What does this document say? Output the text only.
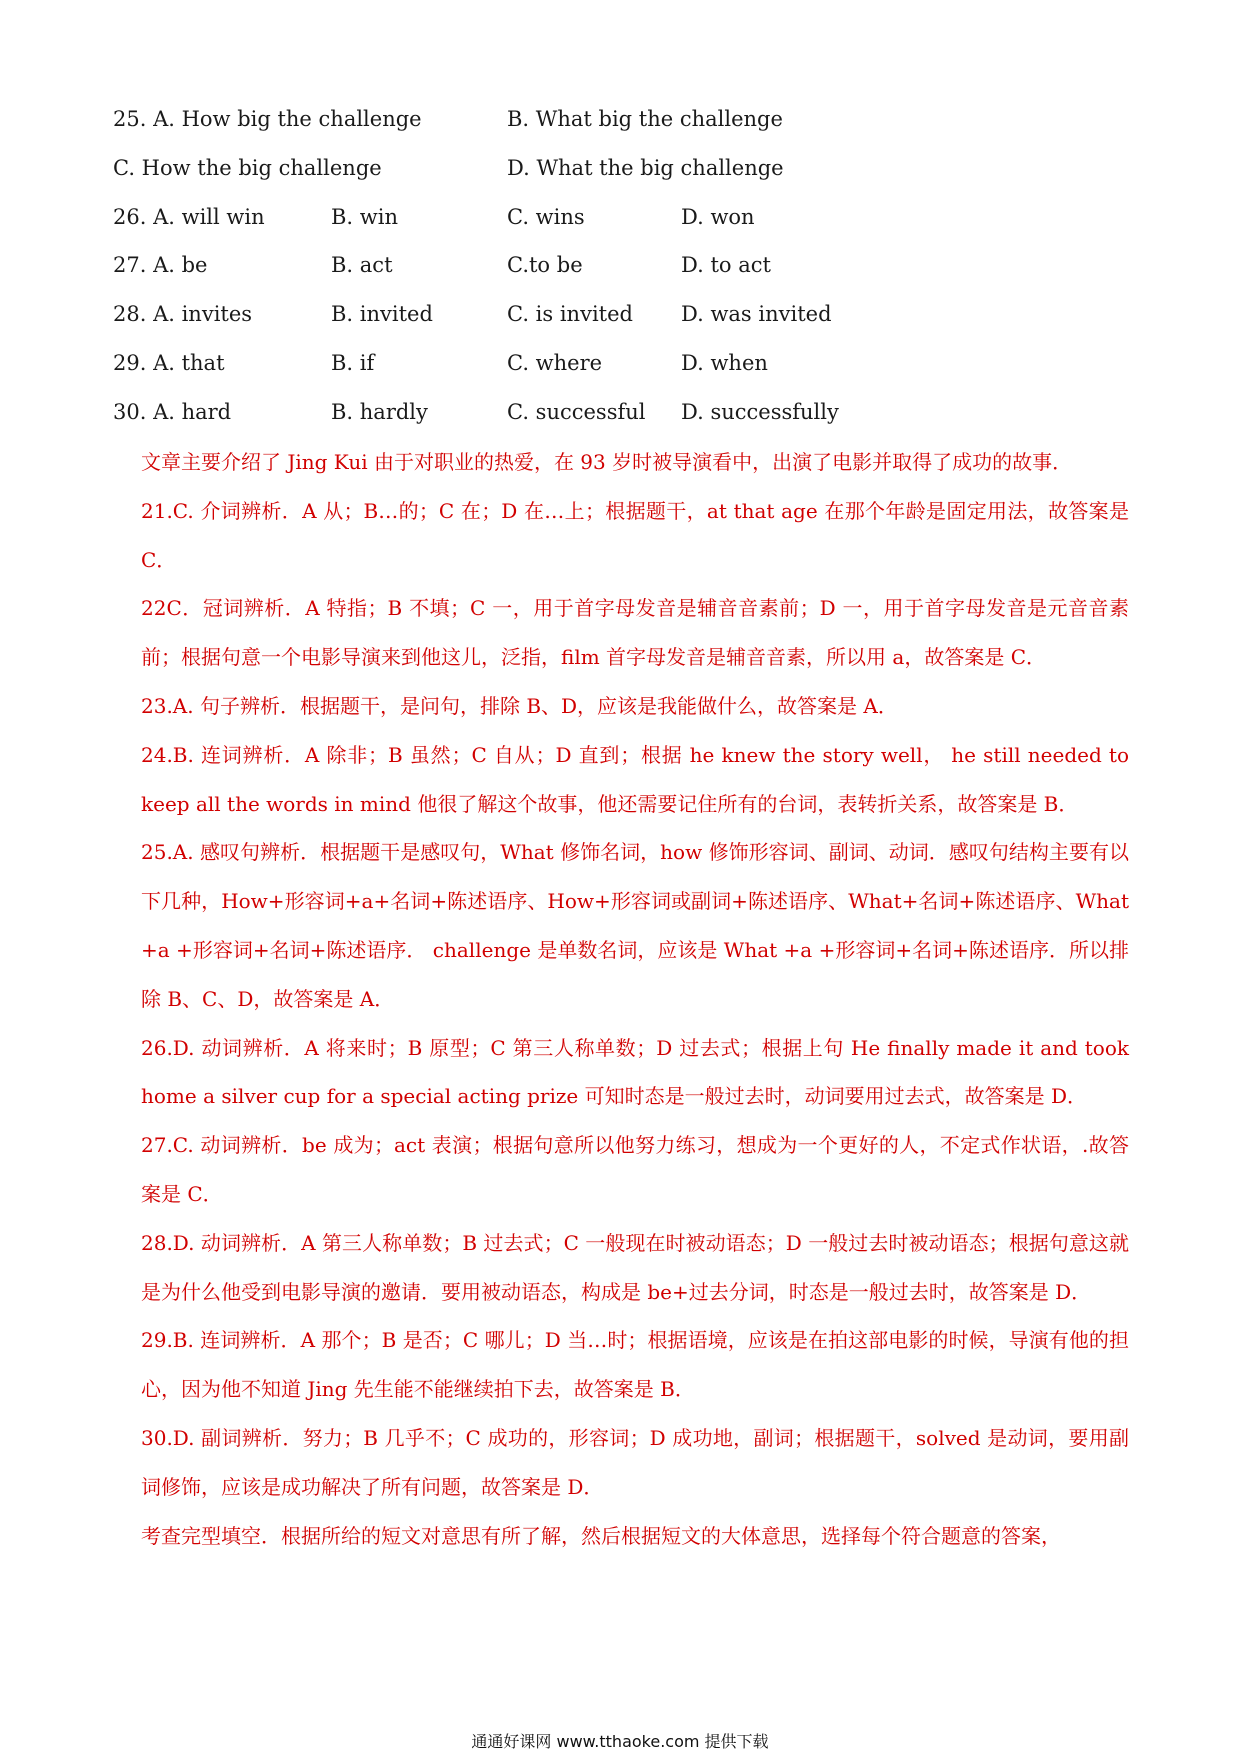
25. A. How big the challenge	B. What big the challenge
C. How the big challenge	D. What the big challenge
26. A. will win	B. win	C. wins	D. won
27. A. be	B. act	C.to be	D. to act
28. A. invites	B. invited	C. is invited D. was invited
29. A. that	B. if	C. where	D. when
30. A. hard	B. hardly	C. successful D. successfully

文章主要介绍了 Jing Kui 由于对职业的热爱，在 93 岁时被导演看中，出演了电影并取得了成功的故事．

21.C. 介词辨析．A 从；B…的；C 在；D 在…上；根据题干，at that age 在那个年龄是固定用法，故答案是 C．

22C．冠词辨析．A 特指；B 不填；C 一，用于首字母发音是辅音音素前；D 一，用于首字母发音是元音音素前；根据句意一个电影导演来到他这儿，泛指，film 首字母发音是辅音音素，所以用 a，故答案是 C．

23.A. 句子辨析．根据题干，是问句，排除 B、D，应该是我能做什么，故答案是 A．

24.B. 连词辨析．A 除非；B 虽然；C 自从；D 直到；根据 he knew the story well， he still needed to keep all the words in mind 他很了解这个故事，他还需要记住所有的台词，表转折关系，故答案是 B．

25.A. 感叹句辨析．根据题干是感叹句，What 修饰名词，how 修饰形容词、副词、动词．感叹句结构主要有以下几种，How+形容词+a+名词+陈述语序、How+形容词或副词+陈述语序、What+名词+陈述语序、What +a +形容词+名词+陈述语序． challenge 是单数名词，应该是 What +a +形容词+名词+陈述语序．所以排除 B、C、D，故答案是 A．

26.D. 动词辨析．A 将来时；B 原型；C 第三人称单数；D 过去式；根据上句 He finally made it and took home a silver cup for a special acting prize 可知时态是一般过去时，动词要用过去式，故答案是 D．

27.C. 动词辨析．be 成为；act 表演；根据句意所以他努力练习，想成为一个更好的人，不定式作状语，.故答案是 C．

28.D. 动词辨析．A 第三人称单数；B 过去式；C 一般现在时被动语态；D 一般过去时被动语态；根据句意这就是为什么他受到电影导演的邀请．要用被动语态，构成是 be+过去分词，时态是一般过去时，故答案是 D．

29.B. 连词辨析．A 那个；B 是否；C 哪儿；D 当…时；根据语境，应该是在拍这部电影的时候，导演有他的担心，因为他不知道 Jing 先生能不能继续拍下去，故答案是 B．

30.D. 副词辨析．努力；B 几乎不；C 成功的，形容词；D 成功地，副词；根据题干，solved 是动词，要用副词修饰，应该是成功解决了所有问题，故答案是 D．

考查完型填空．根据所给的短文对意思有所了解，然后根据短文的大体意思，选择每个符合题意的答案，

通通好课网 www.tthaoke.com 提供下载
